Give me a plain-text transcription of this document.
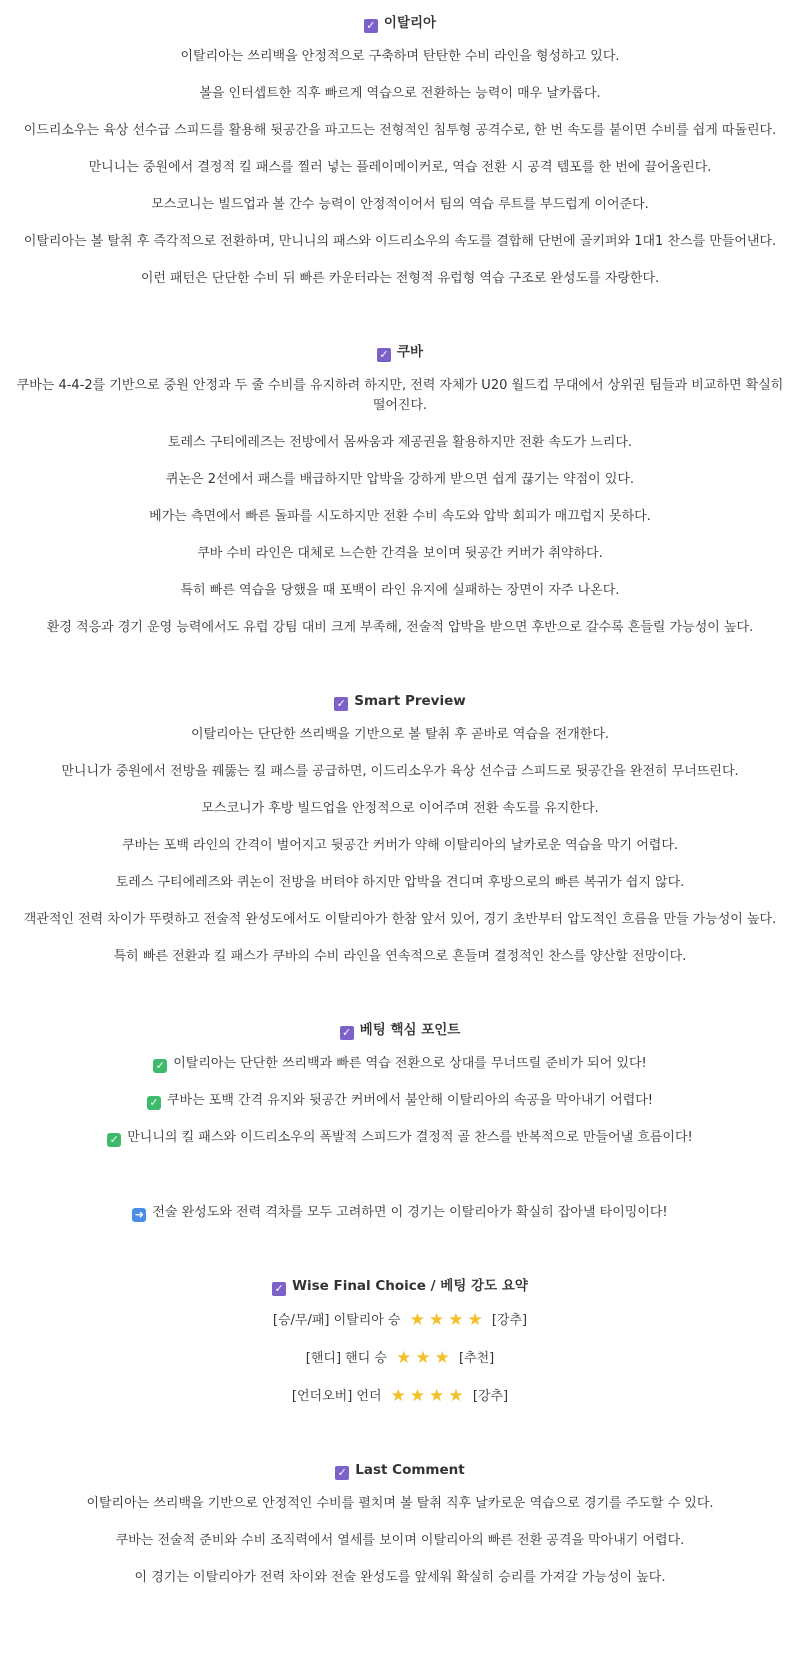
✓ 이탈리아

이탈리아는 쓰리백을 안정적으로 구축하며 탄탄한 수비 라인을 형성하고 있다.

볼을 인터셉트한 직후 빠르게 역습으로 전환하는 능력이 매우 날카롭다.

이드리소우는 육상 선수급 스피드를 활용해 뒷공간을 파고드는 전형적인 침투형 공격수로, 한 번 속도를 붙이면 수비를 쉽게 따돌린다.

만니니는 중원에서 결정적 킬 패스를 찔러 넣는 플레이메이커로, 역습 전환 시 공격 템포를 한 번에 끌어올린다.

모스코니는 빌드업과 볼 간수 능력이 안정적이어서 팀의 역습 루트를 부드럽게 이어준다.

이탈리아는 볼 탈취 후 즉각적으로 전환하며, 만니니의 패스와 이드리소우의 속도를 결합해 단번에 골키퍼와 1대1 찬스를 만들어낸다.

이런 패턴은 단단한 수비 뒤 빠른 카운터라는 전형적 유럽형 역습 구조로 완성도를 자랑한다.

✓ 쿠바

쿠바는 4-4-2를 기반으로 중원 안정과 두 줄 수비를 유지하려 하지만, 전력 자체가 U20 월드컵 무대에서 상위권 팀들과 비교하면 확실히 떨어진다.

토레스 구티에레즈는 전방에서 몸싸움과 제공권을 활용하지만 전환 속도가 느리다.

퀴논은 2선에서 패스를 배급하지만 압박을 강하게 받으면 쉽게 끊기는 약점이 있다.

베가는 측면에서 빠른 돌파를 시도하지만 전환 수비 속도와 압박 회피가 매끄럽지 못하다.

쿠바 수비 라인은 대체로 느슨한 간격을 보이며 뒷공간 커버가 취약하다.

특히 빠른 역습을 당했을 때 포백이 라인 유지에 실패하는 장면이 자주 나온다.

환경 적응과 경기 운영 능력에서도 유럽 강팀 대비 크게 부족해, 전술적 압박을 받으면 후반으로 갈수록 흔들릴 가능성이 높다.

✓ Smart Preview

이탈리아는 단단한 쓰리백을 기반으로 볼 탈취 후 곧바로 역습을 전개한다.

만니니가 중원에서 전방을 꿰뚫는 킬 패스를 공급하면, 이드리소우가 육상 선수급 스피드로 뒷공간을 완전히 무너뜨린다.

모스코니가 후방 빌드업을 안정적으로 이어주며 전환 속도를 유지한다.

쿠바는 포백 라인의 간격이 벌어지고 뒷공간 커버가 약해 이탈리아의 날카로운 역습을 막기 어렵다.

토레스 구티에레즈와 퀴논이 전방을 버텨야 하지만 압박을 견디며 후방으로의 빠른 복귀가 쉽지 않다.

객관적인 전력 차이가 뚜렷하고 전술적 완성도에서도 이탈리아가 한참 앞서 있어, 경기 초반부터 압도적인 흐름을 만들 가능성이 높다.

특히 빠른 전환과 킬 패스가 쿠바의 수비 라인을 연속적으로 흔들며 결정적인 찬스를 양산할 전망이다.

✓ 베팅 핵심 포인트

✓ 이탈리아는 단단한 쓰리백과 빠른 역습 전환으로 상대를 무너뜨릴 준비가 되어 있다!

✓ 쿠바는 포백 간격 유지와 뒷공간 커버에서 불안해 이탈리아의 속공을 막아내기 어렵다!

✓ 만니니의 킬 패스와 이드리소우의 폭발적 스피드가 결정적 골 찬스를 반복적으로 만들어낼 흐름이다!

➜ 전술 완성도와 전력 격차를 모두 고려하면 이 경기는 이탈리아가 확실히 잡아낼 타이밍이다!

✓ Wise Final Choice / 베팅 강도 요약

[승/무/패] 이탈리아 승 ★ ★ ★ ★ [강추]

[핸디] 핸디 승 ★ ★ ★ [추천]

[언더오버] 언더 ★ ★ ★ ★ [강추]

✓ Last Comment

이탈리아는 쓰리백을 기반으로 안정적인 수비를 펼치며 볼 탈취 직후 날카로운 역습으로 경기를 주도할 수 있다.

쿠바는 전술적 준비와 수비 조직력에서 열세를 보이며 이탈리아의 빠른 전환 공격을 막아내기 어렵다.

이 경기는 이탈리아가 전력 차이와 전술 완성도를 앞세워 확실히 승리를 가져갈 가능성이 높다.
